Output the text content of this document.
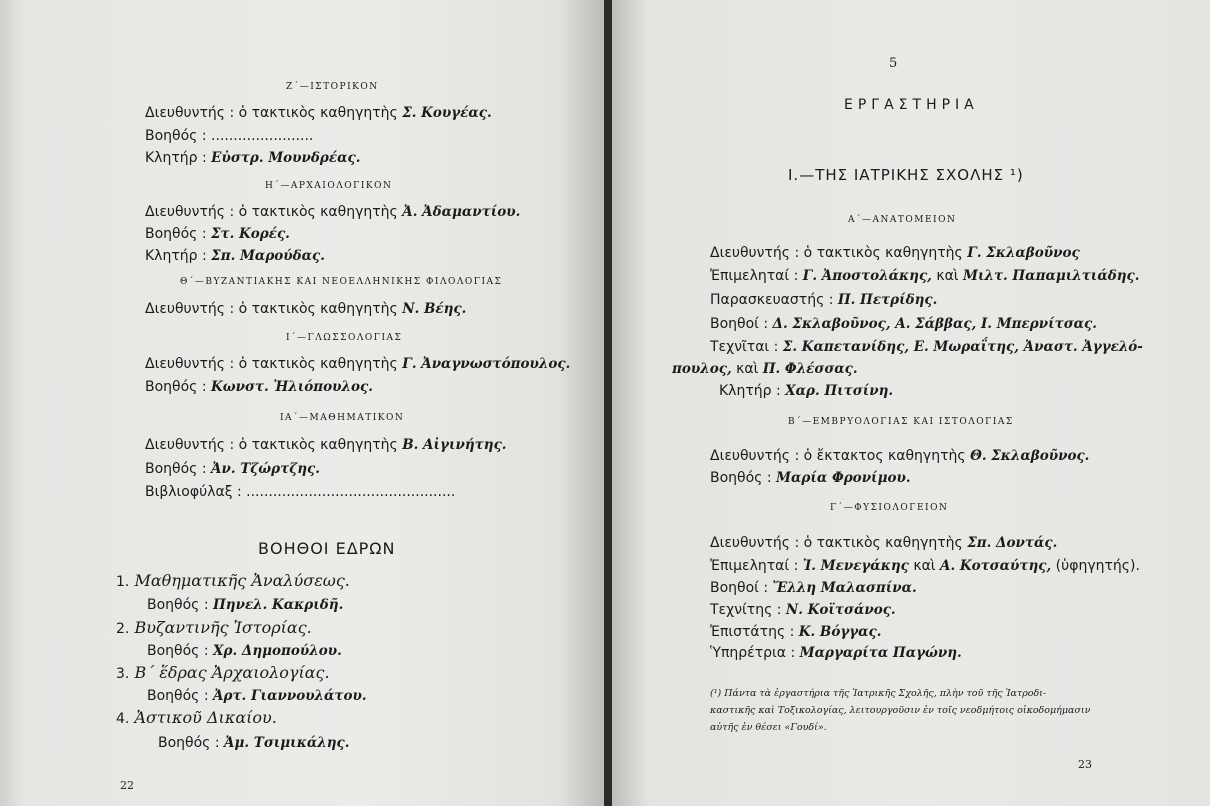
Ζ΄—ΙΣΤΟΡΙΚΟΝ
Διευθυντής : ὁ τακτικὸς καθηγητὴς Σ. Κουγέας.
Βοηθός : .......................
Κλητήρ : Εὐστρ. Μουνδρέας.
Η΄—ΑΡΧΑΙΟΛΟΓΙΚΟΝ
Διευθυντής : ὁ τακτικὸς καθηγητὴς Ἀ. Ἀδαμαντίου.
Βοηθός : Στ. Κορές.
Κλητήρ : Σπ. Μαρούδας.
Θ΄—ΒΥΖΑΝΤΙΑΚΗΣ ΚΑΙ ΝΕΟΕΛΛΗΝΙΚΗΣ ΦΙΛΟΛΟΓΙΑΣ
Διευθυντής : ὁ τακτικὸς καθηγητὴς Ν. Βέης.
Ι΄—ΓΛΩΣΣΟΛΟΓΙΑΣ
Διευθυντής : ὁ τακτικὸς καθηγητὴς Γ. Ἀναγνωστόπουλος.
Βοηθός : Κωνστ. Ἠλιόπουλος.
ΙΑ΄—ΜΑΘΗΜΑΤΙΚΟΝ
Διευθυντής : ὁ τακτικὸς καθηγητὴς Β. Αἰγινήτης.
Βοηθός : Ἀν. Τζώρτζης.
Βιβλιοφύλαξ : ...............................................
ΒΟΗΘΟΙ ΕΔΡΩΝ
1. Μαθηματικῆς Ἀναλύσεως.
Βοηθός : Πηνελ. Κακριδῆ.
2. Βυζαντινῆς Ἱστορίας.
Βοηθός : Χρ. Δημοπούλου.
3. Β΄ ἕδρας Ἀρχαιολογίας.
Βοηθός : Ἀρτ. Γιαννουλάτου.
4. Ἀστικοῦ Δικαίου.
Βοηθός : Ἀμ. Τσιμικάλης.
22
5
ΕΡΓΑΣΤΗΡΙΑ
I.—ΤΗΣ ΙΑΤΡΙΚΗΣ ΣΧΟΛΗΣ ¹)
Α΄—ΑΝΑΤΟΜΕΙΟΝ
Διευθυντής : ὁ τακτικὸς καθηγητὴς Γ. Σκλαβοῦνος
Ἐπιμεληταί : Γ. Ἀποστολάκης, καὶ Μιλτ. Παπαμιλτιάδης.
Παρασκευαστής : Π. Πετρίδης.
Βοηθοί : Δ. Σκλαβοῦνος, Α. Σάββας, Ι. Μπερνίτσας.
Τεχνῖται : Σ. Καπετανίδης, Ε. Μωραΐτης, Ἀναστ. Ἀγγελό-
πουλος, καὶ Π. Φλέσσας.
Κλητήρ : Χαρ. Πιτσίνη.
Β΄—ΕΜΒΡΥΟΛΟΓΙΑΣ ΚΑΙ ΙΣΤΟΛΟΓΙΑΣ
Διευθυντής : ὁ ἔκτακτος καθηγητὴς Θ. Σκλαβοῦνος.
Βοηθός : Μαρία Φρονίμου.
Γ΄—ΦΥΣΙΟΛΟΓΕΙΟΝ
Διευθυντής : ὁ τακτικὸς καθηγητὴς Σπ. Δοντάς.
Ἐπιμεληταί : Ἰ. Μενεγάκης καὶ Α. Κοτσαύτης, (ὑφηγητής).
Βοηθοί : Ἔλλη Μαλασπίνα.
Τεχνίτης : Ν. Κοϊτσάνος.
Ἐπιστάτης : Κ. Βόγγας.
Ὑπηρέτρια : Μαργαρίτα Παγώνη.
(¹) Πάντα τὰ ἐργαστήρια τῆς Ἰατρικῆς Σχολῆς, πλὴν τοῦ τῆς Ἰατροδι-
καστικῆς καὶ Τοξικολογίας, λειτουργοῦσιν ἐν τοῖς νεοδμήτοις οἰκοδομήμασιν
αὐτῆς ἐν θέσει «Γουδί».
23
